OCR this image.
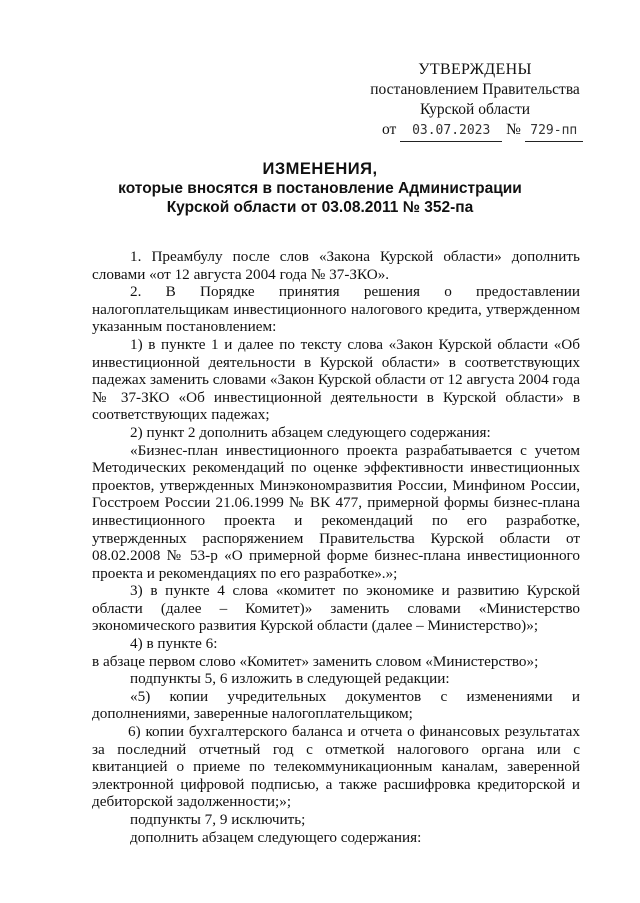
УТВЕРЖДЕНЫ
постановлением Правительства
Курской области
от 03.07.2023 № 729-пп
ИЗМЕНЕНИЯ,
которые вносятся в постановление Администрации
Курской области от 03.08.2011 № 352-па

1. Преамбулу после слов «Закона Курской области» дополнить словами «от 12 августа 2004 года № 37-ЗКО».

2. В Порядке принятия решения о предоставлении налогоплательщикам инвестиционного налогового кредита, утвержденном указанным постановлением:

1) в пункте 1 и далее по тексту слова «Закон Курской области «Об инвестиционной деятельности в Курской области» в соответствующих падежах заменить словами «Закон Курской области от 12 августа 2004 года № 37-ЗКО «Об инвестиционной деятельности в Курской области» в соответствующих падежах;

2) пункт 2 дополнить абзацем следующего содержания:

«Бизнес-план инвестиционного проекта разрабатывается с учетом Методических рекомендаций по оценке эффективности инвестиционных проектов, утвержденных Минэкономразвития России, Минфином России, Госстроем России 21.06.1999 № ВК 477, примерной формы бизнес-плана инвестиционного проекта и рекомендаций по его разработке, утвержденных распоряжением Правительства Курской области от 08.02.2008 № 53-р «О примерной форме бизнес-плана инвестиционного проекта и рекомендациях по его разработке».»;

3) в пункте 4 слова «комитет по экономике и развитию Курской области (далее – Комитет)» заменить словами «Министерство экономического развития Курской области (далее – Министерство)»;

4) в пункте 6:

в абзаце первом слово «Комитет» заменить словом «Министерство»;

подпункты 5, 6 изложить в следующей редакции:

«5) копии учредительных документов с изменениями и дополнениями, заверенные налогоплательщиком;

6) копии бухгалтерского баланса и отчета о финансовых результатах за последний отчетный год с отметкой налогового органа или с квитанцией о приеме по телекоммуникационным каналам, заверенной электронной цифровой подписью, а также расшифровка кредиторской и дебиторской задолженности;»;

подпункты 7, 9 исключить;

дополнить абзацем следующего содержания:
